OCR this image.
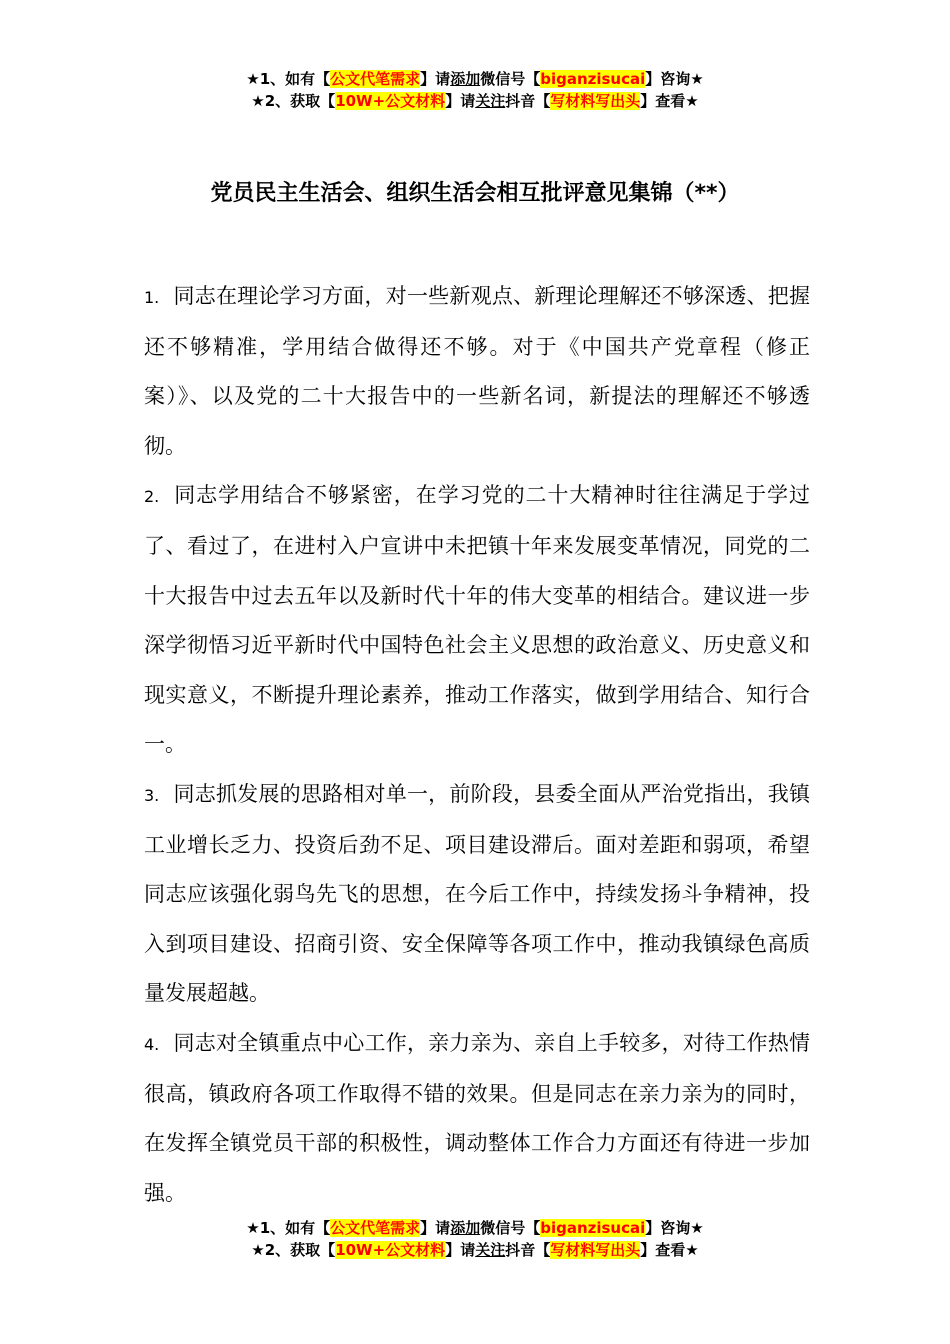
★1、如有【公文代笔需求】请添加微信号【biganzisucai】咨询★
★2、获取【10W+公文材料】请关注抖音【写材料写出头】查看★
党员民主生活会、组织生活会相互批评意见集锦（**）

1. 同志在理论学习方面，对一些新观点、新理论理解还不够深透、把握还不够精准，学用结合做得还不够。对于《中国共产党章程（修正案）》、以及党的二十大报告中的一些新名词，新提法的理解还不够透彻。

2. 同志学用结合不够紧密，在学习党的二十大精神时往往满足于学过了、看过了，在进村入户宣讲中未把镇十年来发展变革情况，同党的二十大报告中过去五年以及新时代十年的伟大变革的相结合。建议进一步深学彻悟习近平新时代中国特色社会主义思想的政治意义、历史意义和现实意义，不断提升理论素养，推动工作落实，做到学用结合、知行合一。

3. 同志抓发展的思路相对单一，前阶段，县委全面从严治党指出，我镇工业增长乏力、投资后劲不足、项目建设滞后。面对差距和弱项，希望同志应该强化弱鸟先飞的思想，在今后工作中，持续发扬斗争精神，投入到项目建设、招商引资、安全保障等各项工作中，推动我镇绿色高质量发展超越。

4. 同志对全镇重点中心工作，亲力亲为、亲自上手较多，对待工作热情很高，镇政府各项工作取得不错的效果。但是同志在亲力亲为的同时，在发挥全镇党员干部的积极性，调动整体工作合力方面还有待进一步加强。

★1、如有【公文代笔需求】请添加微信号【biganzisucai】咨询★
★2、获取【10W+公文材料】请关注抖音【写材料写出头】查看★
